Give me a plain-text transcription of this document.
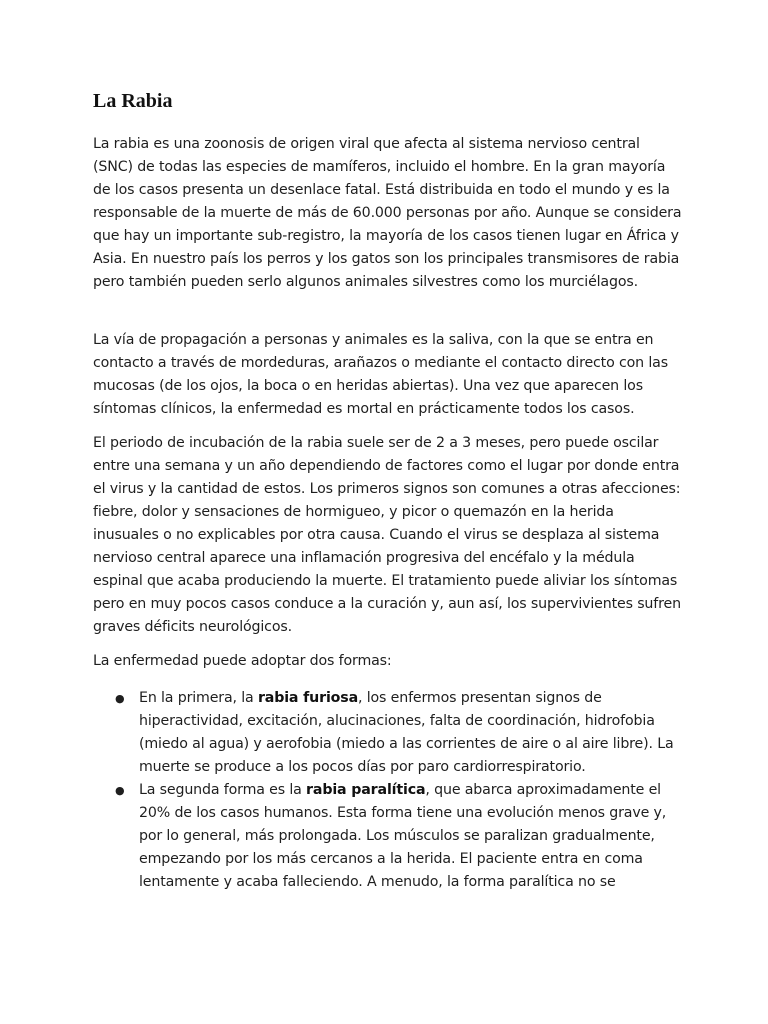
La Rabia

La rabia es una zoonosis de origen viral que afecta al sistema nervioso central (SNC) de todas las especies de mamíferos, incluido el hombre. En la gran mayoría de los casos presenta un desenlace fatal. Está distribuida en todo el mundo y es la responsable de la muerte de más de 60.000 personas por año. Aunque se considera que hay un importante sub-registro, la mayoría de los casos tienen lugar en África y Asia. En nuestro país los perros y los gatos son los principales transmisores de rabia pero también pueden serlo algunos animales silvestres como los murciélagos.

La vía de propagación a personas y animales es la saliva, con la que se entra en contacto a través de mordeduras, arañazos o mediante el contacto directo con las mucosas (de los ojos, la boca o en heridas abiertas). Una vez que aparecen los síntomas clínicos, la enfermedad es mortal en prácticamente todos los casos.

El periodo de incubación de la rabia suele ser de 2 a 3 meses, pero puede oscilar entre una semana y un año dependiendo de factores como el lugar por donde entra el virus y la cantidad de estos. Los primeros signos son comunes a otras afecciones: fiebre, dolor y sensaciones de hormigueo, y picor o quemazón en la herida inusuales o no explicables por otra causa. Cuando el virus se desplaza al sistema nervioso central aparece una inflamación progresiva del encéfalo y la médula espinal que acaba produciendo la muerte. El tratamiento puede aliviar los síntomas pero en muy pocos casos conduce a la curación y, aun así, los supervivientes sufren graves déficits neurológicos.

La enfermedad puede adoptar dos formas:

● En la primera, la rabia furiosa, los enfermos presentan signos de hiperactividad, excitación, alucinaciones, falta de coordinación, hidrofobia (miedo al agua) y aerofobia (miedo a las corrientes de aire o al aire libre). La muerte se produce a los pocos días por paro cardiorrespiratorio.
● La segunda forma es la rabia paralítica, que abarca aproximadamente el 20% de los casos humanos. Esta forma tiene una evolución menos grave y, por lo general, más prolongada. Los músculos se paralizan gradualmente, empezando por los más cercanos a la herida. El paciente entra en coma lentamente y acaba falleciendo. A menudo, la forma paralítica no se
